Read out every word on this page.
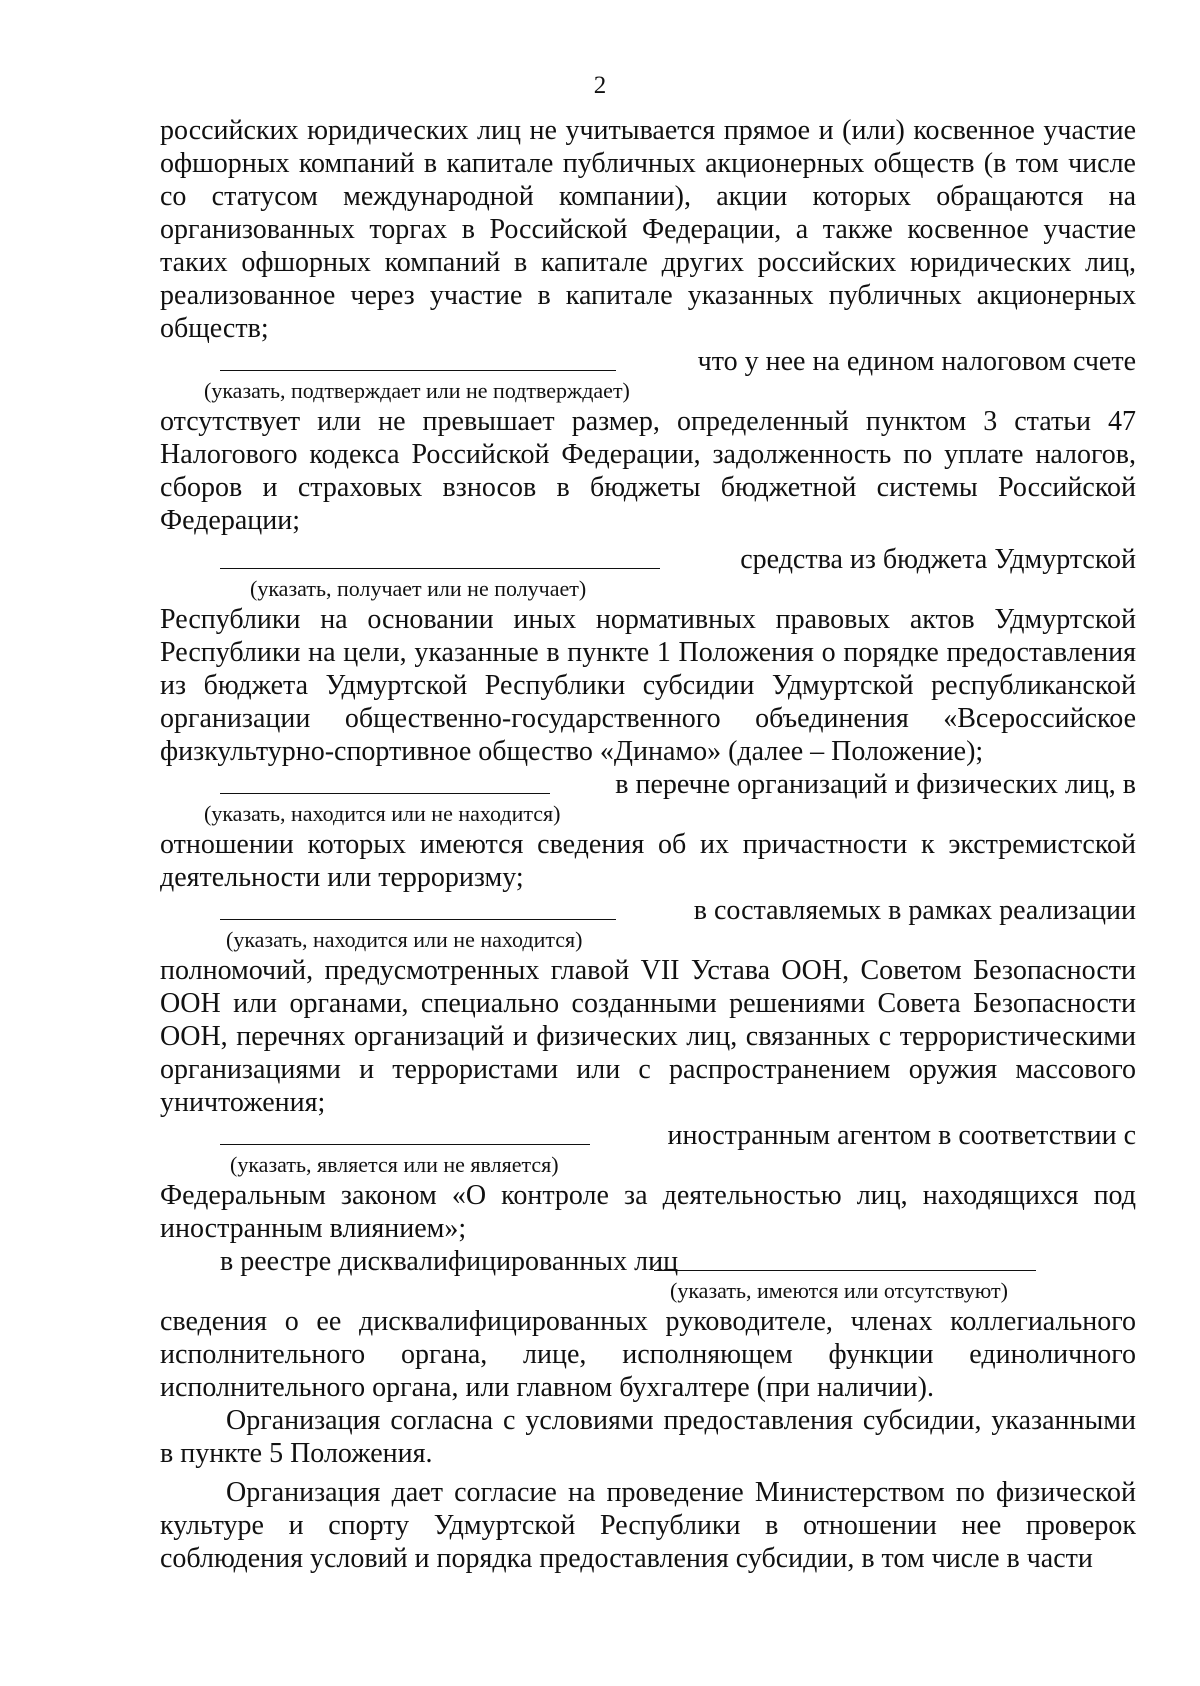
2

российских юридических лиц не учитывается прямое и (или) косвенное участие офшорных компаний в капитале публичных акционерных обществ (в том числе со статусом международной компании), акции которых обращаются на организованных торгах в Российской Федерации, а также косвенное участие таких офшорных компаний в капитале других российских юридических лиц, реализованное через участие в капитале указанных публичных акционерных обществ;

что у нее на едином налоговом счете
(указать, подтверждает или не подтверждает)

отсутствует или не превышает размер, определенный пунктом 3 статьи 47 Налогового кодекса Российской Федерации, задолженность по уплате налогов, сборов и страховых взносов в бюджеты бюджетной системы Российской Федерации;

средства из бюджета Удмуртской
(указать, получает или не получает)

Республики на основании иных нормативных правовых актов Удмуртской Республики на цели, указанные в пункте 1 Положения о порядке предоставления из бюджета Удмуртской Республики субсидии Удмуртской республиканской организации общественно-государственного объединения «Всероссийское физкультурно-спортивное общество «Динамо» (далее – Положение);

в перечне организаций и физических лиц, в
(указать, находится или не находится)

отношении которых имеются сведения об их причастности к экстремистской деятельности или терроризму;

в составляемых в рамках реализации
(указать, находится или не находится)

полномочий, предусмотренных главой VII Устава ООН, Советом Безопасности ООН или органами, специально созданными решениями Совета Безопасности ООН, перечнях организаций и физических лиц, связанных с террористическими организациями и террористами или с распространением оружия массового уничтожения;

иностранным агентом в соответствии с
(указать, является или не является)

Федеральным законом «О контроле за деятельностью лиц, находящихся под иностранным влиянием»;

в реестре дисквалифицированных лиц
(указать, имеются или отсутствуют)

сведения о ее дисквалифицированных руководителе, членах коллегиального исполнительного органа, лице, исполняющем функции единоличного исполнительного органа, или главном бухгалтере (при наличии).

Организация согласна с условиями предоставления субсидии, указанными в пункте 5 Положения.

Организация дает согласие на проведение Министерством по физической культуре и спорту Удмуртской Республики в отношении нее проверок соблюдения условий и порядка предоставления субсидии, в том числе в части
